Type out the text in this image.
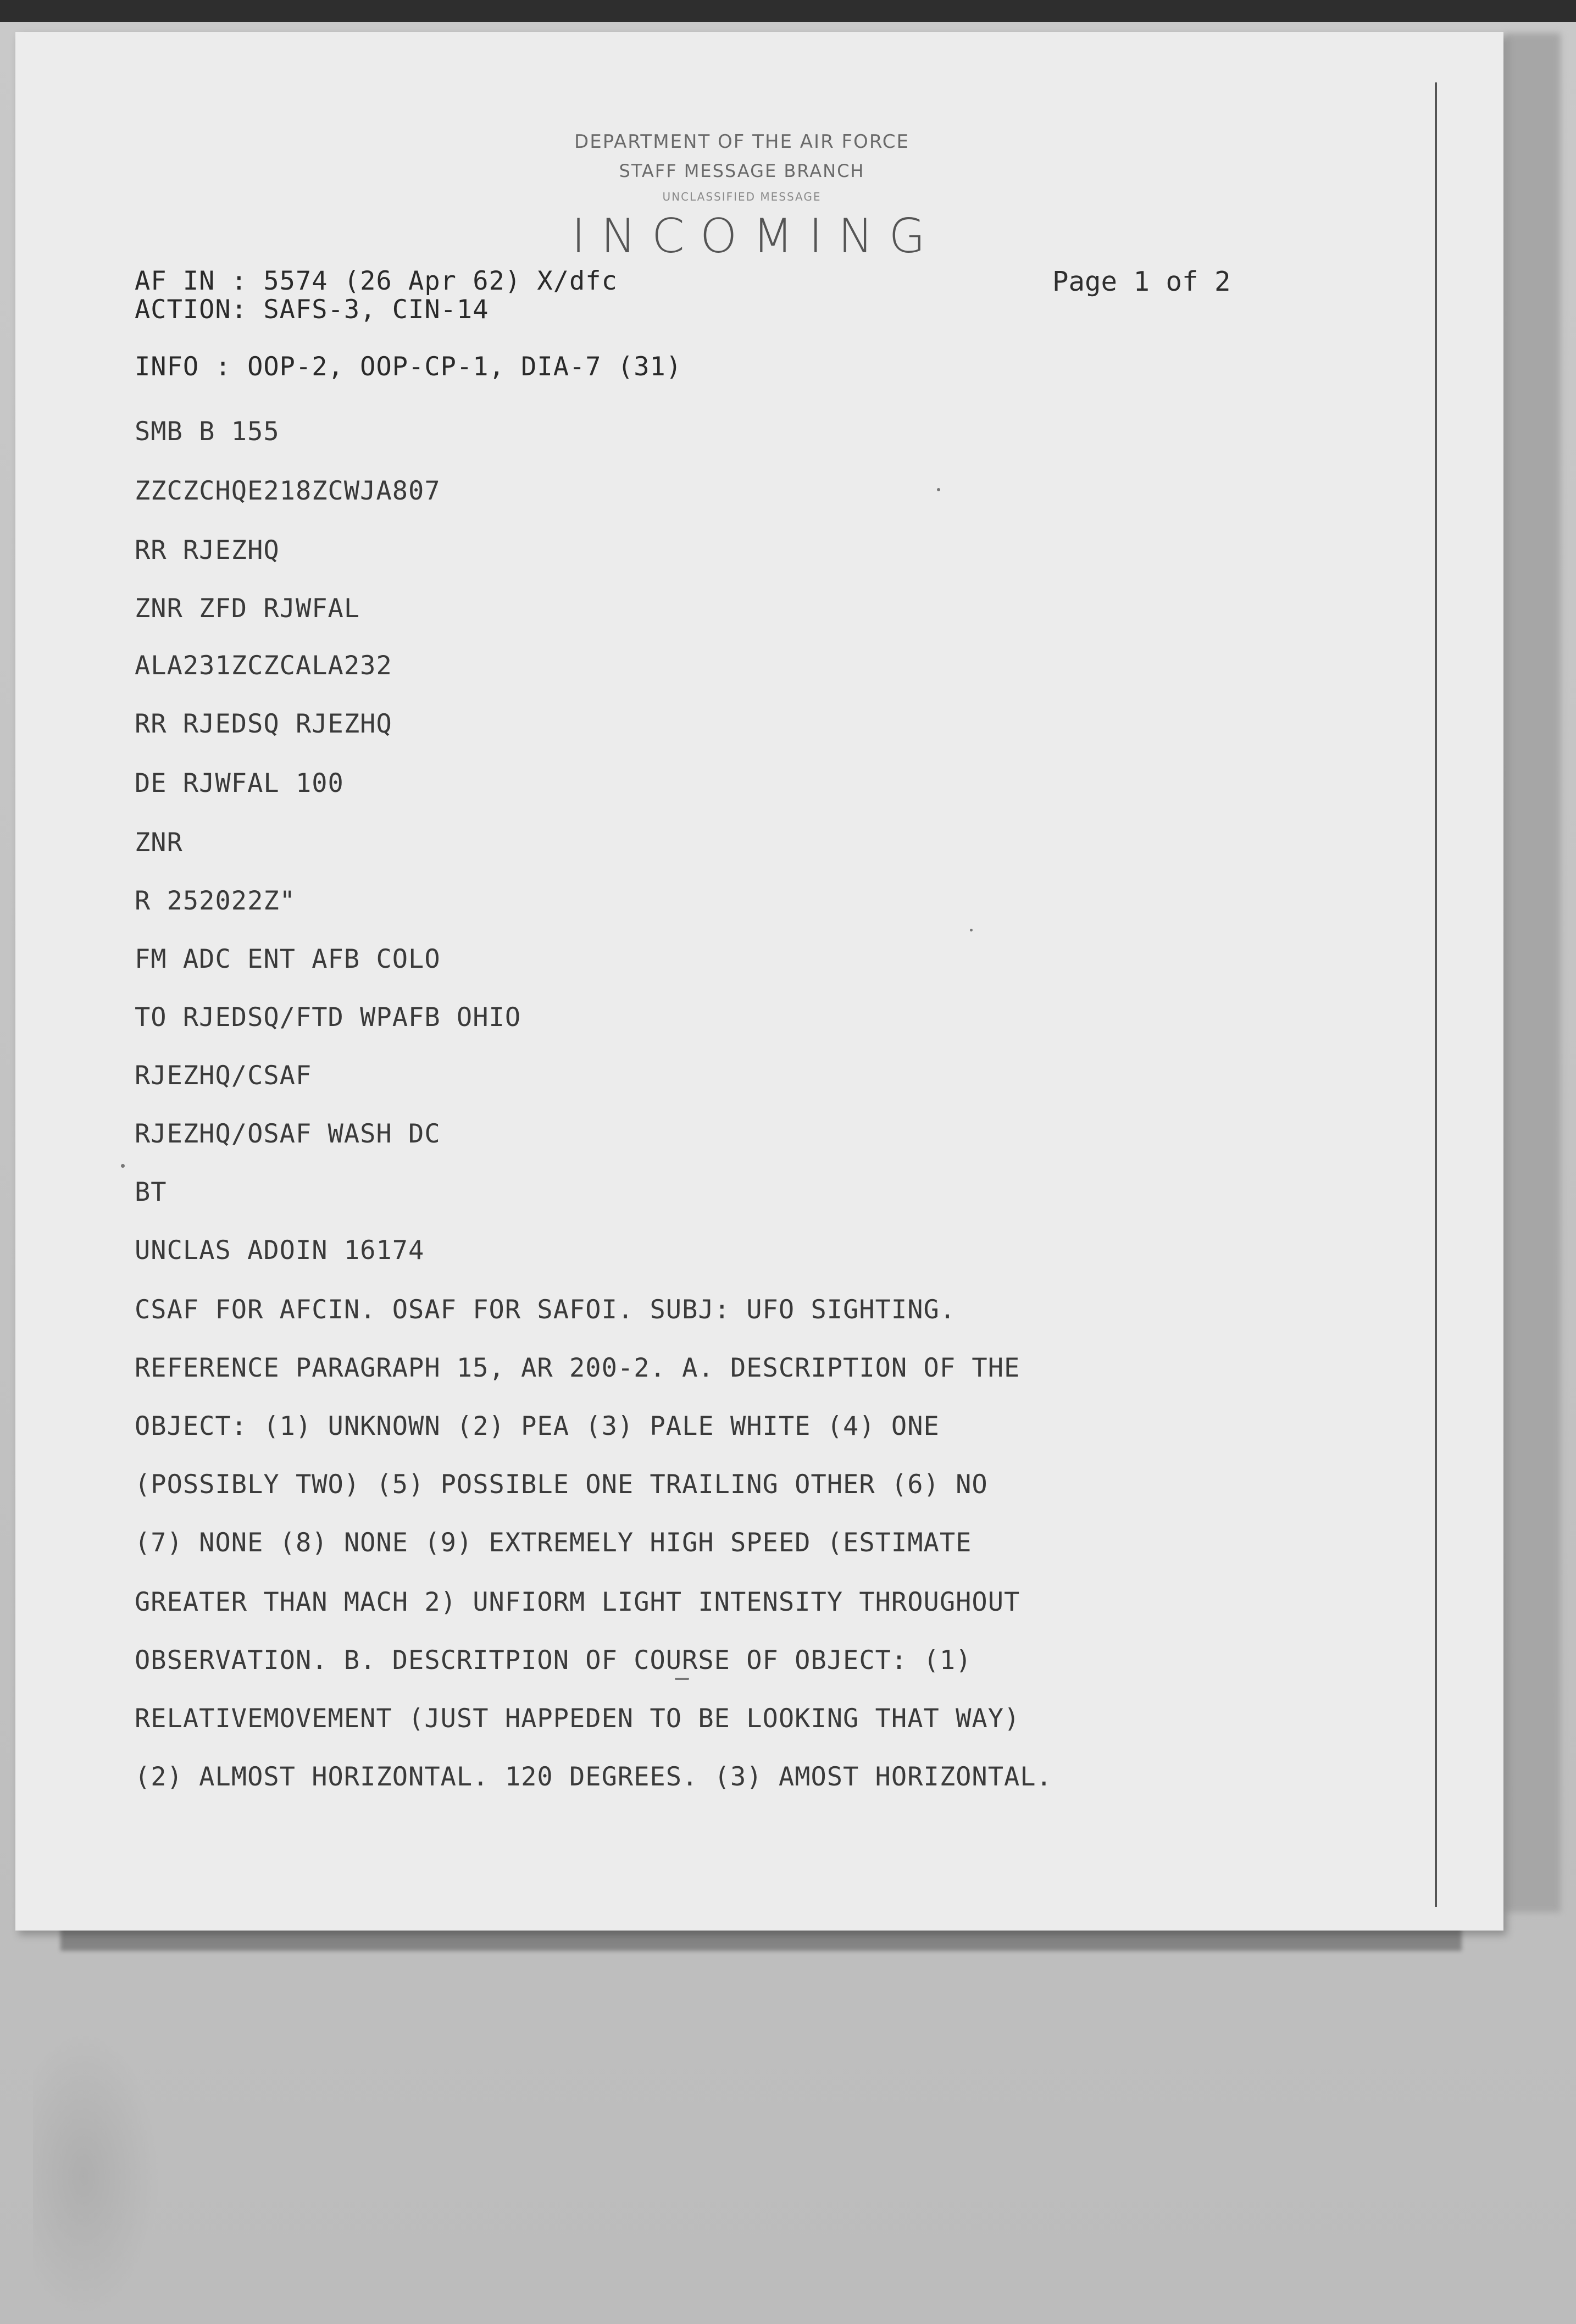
DEPARTMENT OF THE AIR FORCE
STAFF MESSAGE BRANCH
UNCLASSIFIED MESSAGE
INCOMING
AF IN : 5574 (26 Apr 62) X/dfc
ACTION: SAFS-3, CIN-14
Page 1 of 2
INFO : OOP-2, OOP-CP-1, DIA-7 (31)
SMB B 155
ZZCZCHQE218ZCWJA807
RR RJEZHQ
ZNR ZFD RJWFAL
ALA231ZCZCALA232
RR RJEDSQ RJEZHQ
DE RJWFAL 100
ZNR
R 252022Z"
FM ADC ENT AFB COLO
TO RJEDSQ/FTD WPAFB OHIO
RJEZHQ/CSAF
RJEZHQ/OSAF WASH DC
BT
UNCLAS ADOIN 16174
CSAF FOR AFCIN. OSAF FOR SAFOI. SUBJ: UFO SIGHTING.
REFERENCE PARAGRAPH 15, AR 200-2. A. DESCRIPTION OF THE
OBJECT: (1) UNKNOWN (2) PEA (3) PALE WHITE (4) ONE
(POSSIBLY TWO) (5) POSSIBLE ONE TRAILING OTHER (6) NO
(7) NONE (8) NONE (9) EXTREMELY HIGH SPEED (ESTIMATE
GREATER THAN MACH 2) UNFIORM LIGHT INTENSITY THROUGHOUT
OBSERVATION. B. DESCRITPION OF COURSE OF OBJECT: (1)
RELATIVEMOVEMENT (JUST HAPPEDEN TO BE LOOKING THAT WAY)
(2) ALMOST HORIZONTAL. 120 DEGREES. (3) AMOST HORIZONTAL.
